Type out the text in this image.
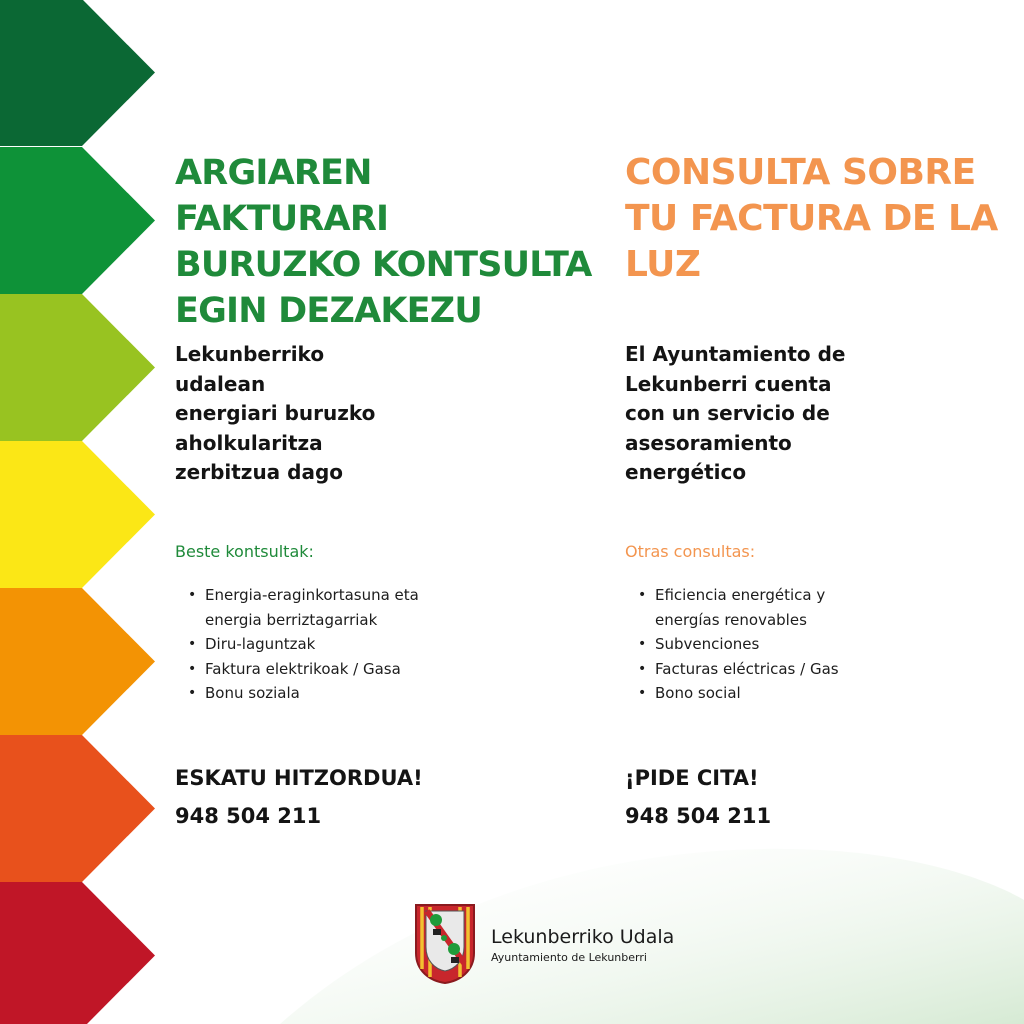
ARGIAREN FAKTURARI
BURUZKO KONTSULTA
EGIN DEZAKEZU

Lekunberriko
udalean
energiari buruzko
aholkularitza
zerbitzua dago

Beste kontsultak:

• Energia-eraginkortasuna eta
energia berriztagarriak
• Diru-laguntzak
• Faktura elektrikoak / Gasa
• Bonu soziala

ESKATU HITZORDUA!

948 504 211

CONSULTA SOBRE
TU FACTURA DE LA
LUZ

El Ayuntamiento de
Lekunberri cuenta
con un servicio de
asesoramiento
energético

Otras consultas:

• Eficiencia energética y
energías renovables
• Subvenciones
• Facturas eléctricas / Gas
• Bono social

¡PIDE CITA!

948 504 211

Lekunberriko Udala

Ayuntamiento de Lekunberri
